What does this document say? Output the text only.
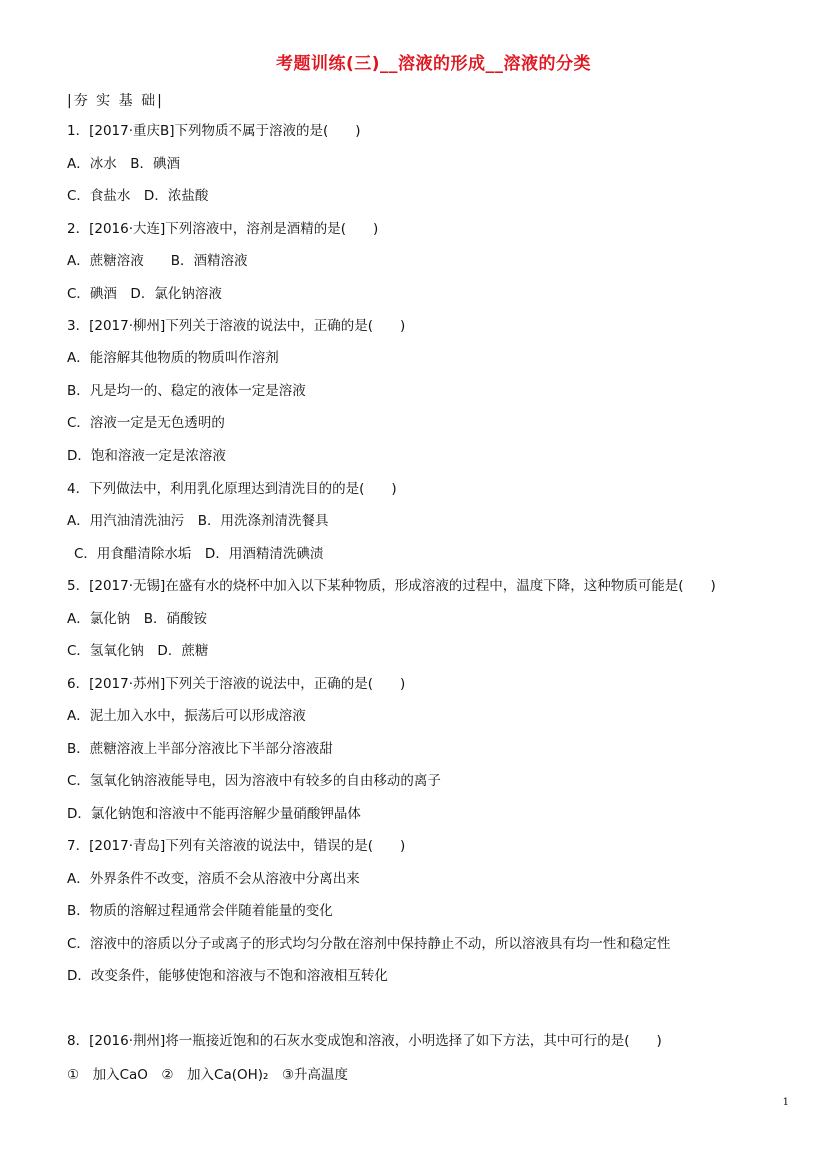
考题训练(三)__溶液的形成__溶液的分类
|夯 实 基 础|
1．[2017·重庆B]下列物质不属于溶液的是(　　)
A．冰水　B．碘酒
C．食盐水　D．浓盐酸
2．[2016·大连]下列溶液中，溶剂是酒精的是(　　)
A．蔗糖溶液　　B．酒精溶液
C．碘酒　D．氯化钠溶液
3．[2017·柳州]下列关于溶液的说法中，正确的是(　　)
A．能溶解其他物质的物质叫作溶剂
B．凡是均一的、稳定的液体一定是溶液
C．溶液一定是无色透明的
D．饱和溶液一定是浓溶液
4．下列做法中，利用乳化原理达到清洗目的的是(　　)
A．用汽油清洗油污　B．用洗涤剂清洗餐具
C．用食醋清除水垢　D．用酒精清洗碘渍
5．[2017·无锡]在盛有水的烧杯中加入以下某种物质，形成溶液的过程中，温度下降，这种物质可能是(　　)
A．氯化钠　B．硝酸铵
C．氢氧化钠　D．蔗糖
6．[2017·苏州]下列关于溶液的说法中，正确的是(　　)
A．泥土加入水中，振荡后可以形成溶液
B．蔗糖溶液上半部分溶液比下半部分溶液甜
C．氢氧化钠溶液能导电，因为溶液中有较多的自由移动的离子
D．氯化钠饱和溶液中不能再溶解少量硝酸钾晶体
7．[2017·青岛]下列有关溶液的说法中，错误的是(　　)
A．外界条件不改变，溶质不会从溶液中分离出来
B．物质的溶解过程通常会伴随着能量的变化
C．溶液中的溶质以分子或离子的形式均匀分散在溶剂中保持静止不动，所以溶液具有均一性和稳定性
D．改变条件，能够使饱和溶液与不饱和溶液相互转化
8．[2016·荆州]将一瓶接近饱和的石灰水变成饱和溶液，小明选择了如下方法，其中可行的是(　　)
①　加入CaO　②　加入Ca(OH)₂　③升高温度
1
